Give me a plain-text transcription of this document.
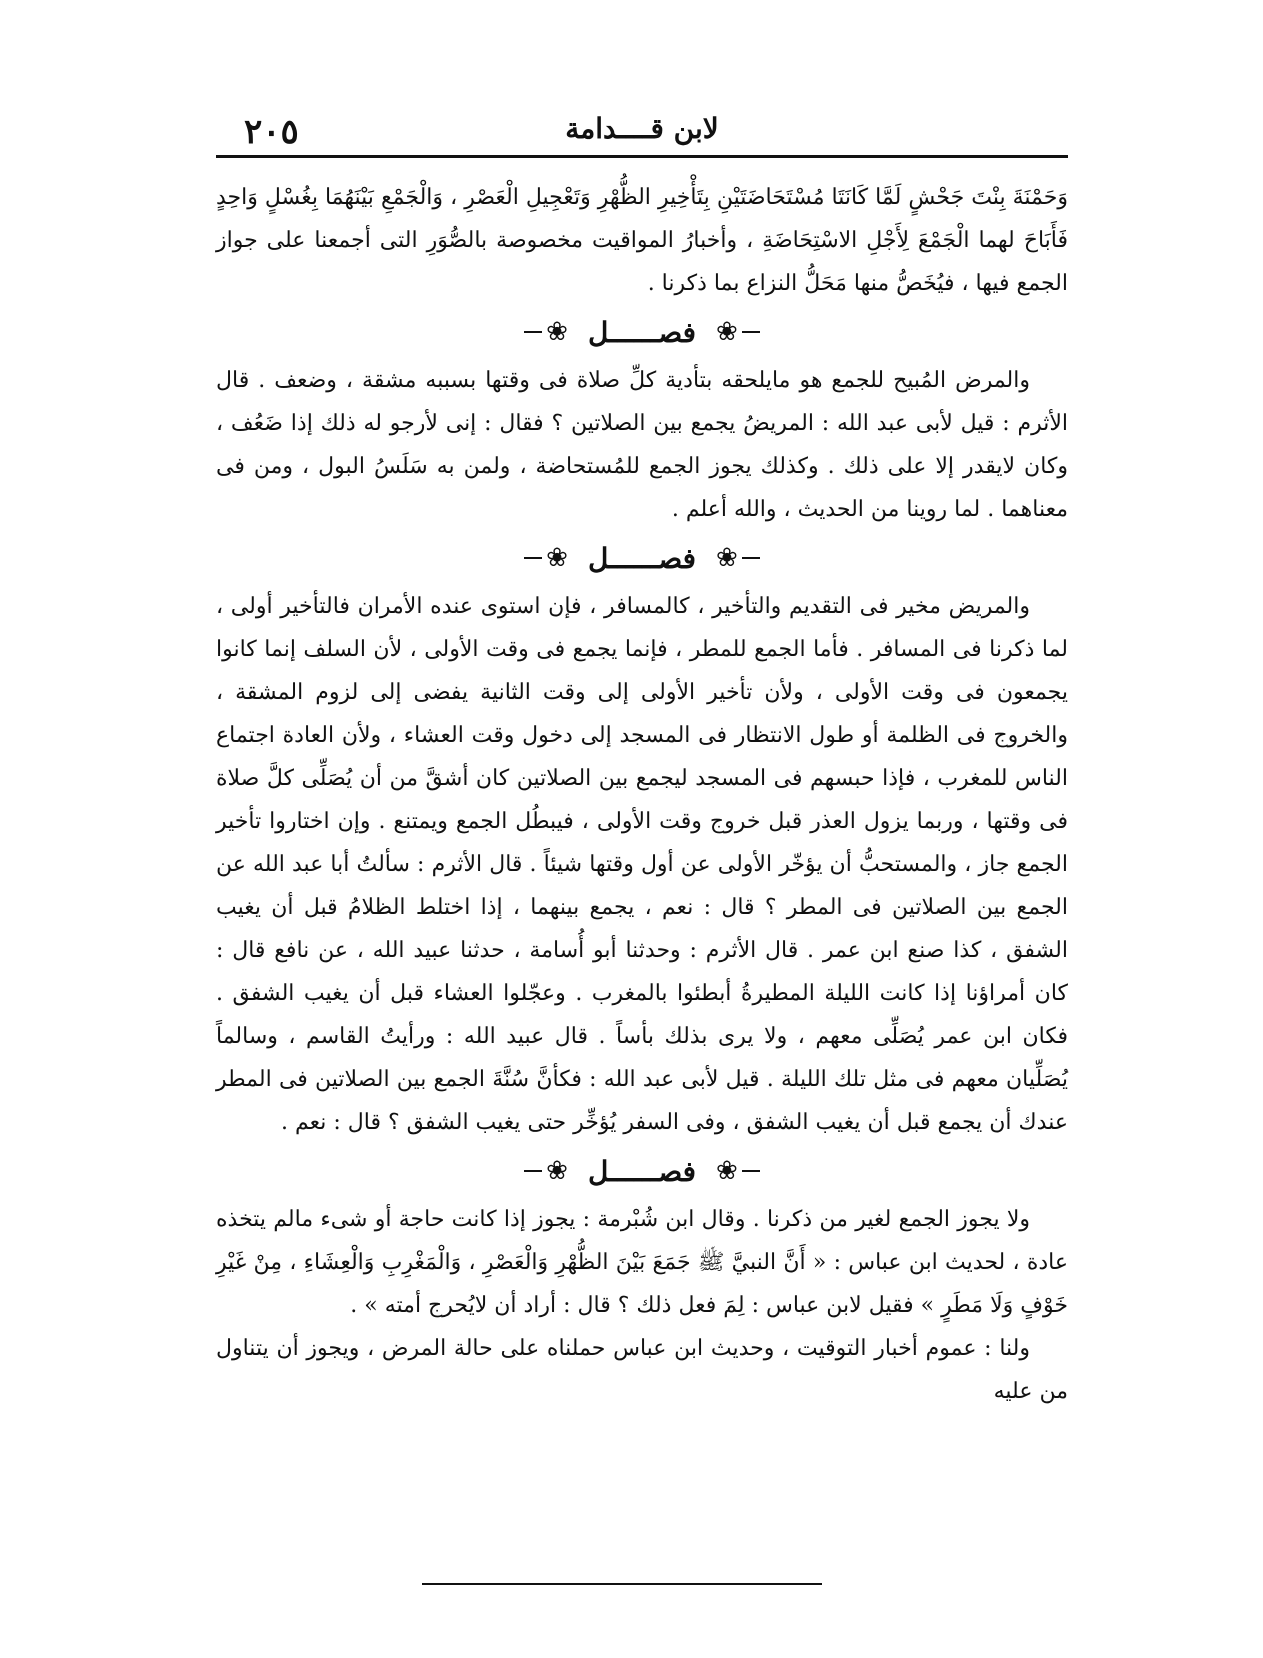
٢٠٥	لابن قــــدامة

وَحَمْنَةَ بِنْتَ جَحْشٍ لَمَّا كَانَتَا مُسْتَحَاضَتَيْنِ بِتَأْخِيرِ الظُّهْرِ وَتَعْجِيلِ الْعَصْرِ ، وَالْجَمْعِ بَيْنَهُمَا بِغُسْلٍ وَاحِدٍ فَأَبَاحَ لهما الْجَمْعَ لِأَجْلِ الاسْتِحَاضَةِ ، وأخبارُ المواقيت مخصوصة بالصُّوَرِ التى أجمعنا على جواز الجمع فيها ، فيُخَصُّ منها مَحَلُّ النزاع بما ذكرنا .

❀
فصــــــل
❀

والمرض المُبيح للجمع هو مايلحقه بتأدية كلِّ صلاة فى وقتها بسببه مشقة ، وضعف . قال الأثرم : قيل لأبى عبد الله : المريضُ يجمع بين الصلاتين ؟ فقال : إنى لأرجو له ذلك إذا ضَعُف ، وكان لايقدر إلا على ذلك . وكذلك يجوز الجمع للمُستحاضة ، ولمن به سَلَسُ البول ، ومن فى معناهما . لما روينا من الحديث ، والله أعلم .

❀
فصــــــل
❀

والمريض مخير فى التقديم والتأخير ، كالمسافر ، فإن استوى عنده الأمران فالتأخير أولى ، لما ذكرنا فى المسافر . فأما الجمع للمطر ، فإنما يجمع فى وقت الأولى ، لأن السلف إنما كانوا يجمعون فى وقت الأولى ، ولأن تأخير الأولى إلى وقت الثانية يفضى إلى لزوم المشقة ، والخروج فى الظلمة أو طول الانتظار فى المسجد إلى دخول وقت العشاء ، ولأن العادة اجتماع الناس للمغرب ، فإذا حبسهم فى المسجد ليجمع بين الصلاتين كان أشقَّ من أن يُصَلِّى كلَّ صلاة فى وقتها ، وربما يزول العذر قبل خروج وقت الأولى ، فيبطُل الجمع ويمتنع . وإن اختاروا تأخير الجمع جاز ، والمستحبُّ أن يؤخّر الأولى عن أول وقتها شيئاً . قال الأثرم : سألتُ أبا عبد الله عن الجمع بين الصلاتين فى المطر ؟ قال : نعم ، يجمع بينهما ، إذا اختلط الظلامُ قبل أن يغيب الشفق ، كذا صنع ابن عمر . قال الأثرم : وحدثنا أبو أُسامة ، حدثنا عبيد الله ، عن نافع قال : كان أمراؤنا إذا كانت الليلة المطيرةُ أبطئوا بالمغرب . وعجّلوا العشاء قبل أن يغيب الشفق . فكان ابن عمر يُصَلِّى معهم ، ولا يرى بذلك بأساً . قال عبيد الله : ورأيتُ القاسم ، وسالماً يُصَلِّيان معهم فى مثل تلك الليلة . قيل لأبى عبد الله : فكأنَّ سُنَّةَ الجمع بين الصلاتين فى المطر عندك أن يجمع قبل أن يغيب الشفق ، وفى السفر يُؤخِّر حتى يغيب الشفق ؟ قال : نعم .

❀
فصــــــل
❀

ولا يجوز الجمع لغير من ذكرنا . وقال ابن شُبْرمة : يجوز إذا كانت حاجة أو شىء مالم يتخذه عادة ، لحديث ابن عباس : « أَنَّ النبيَّ ﷺ جَمَعَ بَيْنَ الظُّهْرِ وَالْعَصْرِ ، وَالْمَغْرِبِ وَالْعِشَاءِ ، مِنْ غَيْرِ خَوْفٍ وَلَا مَطَرٍ » فقيل لابن عباس : لِمَ فعل ذلك ؟ قال : أراد أن لايُحرج أمته » .

ولنا : عموم أخبار التوقيت ، وحديث ابن عباس حملناه على حالة المرض ، ويجوز أن يتناول من عليه
